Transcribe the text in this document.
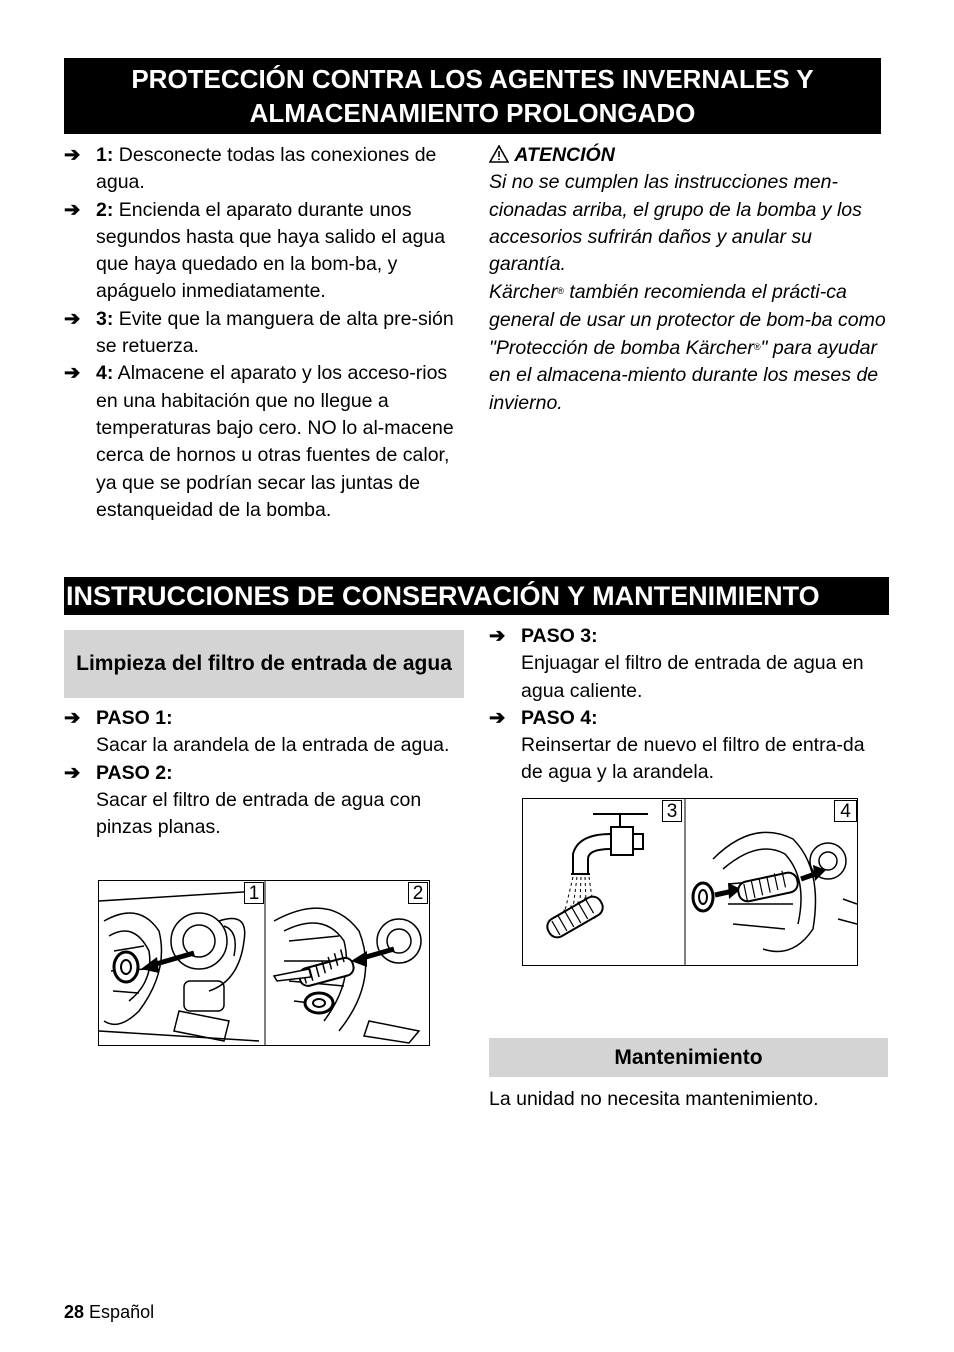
PROTECCIÓN CONTRA LOS AGENTES INVERNALES Y
ALMACENAMIENTO PROLONGADO
➔ 1: Desconecte todas las conexiones de agua.
➔ 2: Encienda el aparato durante unos segundos hasta que haya salido el agua que haya quedado en la bom-ba, y apáguelo inmediatamente.
➔ 3: Evite que la manguera de alta pre-sión se retuerza.
➔ 4: Almacene el aparato y los acceso-rios en una habitación que no llegue a temperaturas bajo cero. NO lo al-macene cerca de hornos u otras fuentes de calor, ya que se podrían secar las juntas de estanqueidad de la bomba.
ATENCIÓN
Si no se cumplen las instrucciones men-cionadas arriba, el grupo de la bomba y los accesorios sufrirán daños y anular su garantía.
Kärcher® también recomienda el prácti-ca general de usar un protector de bom-ba como "Protección de bomba Kärcher®" para ayudar en el almacena-miento durante los meses de invierno.
INSTRUCCIONES DE CONSERVACIÓN Y MANTENIMIENTO
Limpieza del filtro de entrada de agua
➔ PASO 1:
Sacar la arandela de la entrada de agua.
➔ PASO 2:
Sacar el filtro de entrada de agua con pinzas planas.
➔ PASO 3:
Enjuagar el filtro de entrada de agua en agua caliente.
➔ PASO 4:
Reinsertar de nuevo el filtro de entra-da de agua y la arandela.
1	2
3	4
Mantenimiento
La unidad no necesita mantenimiento.
28 Español
